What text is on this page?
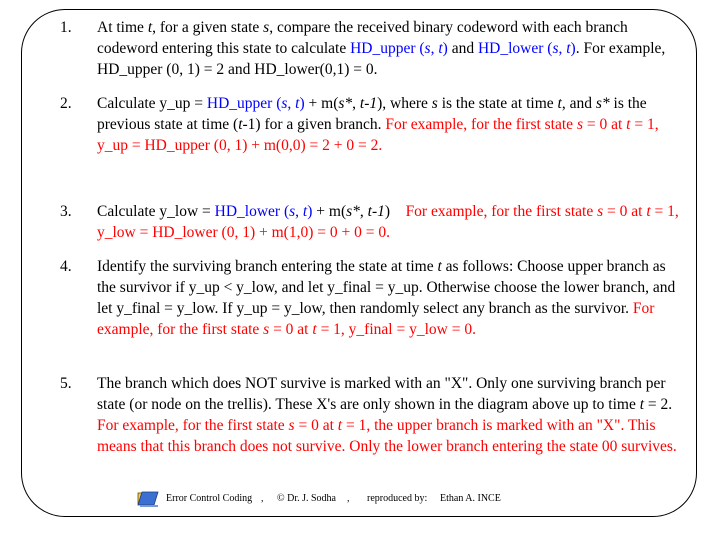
1. At time t, for a given state s, compare the received binary codeword with each branch codeword entering this state to calculate HD_upper (s, t) and HD_lower (s, t). For example, HD_upper (0, 1) = 2 and HD_lower(0,1) = 0.
2. Calculate y_up = HD_upper (s, t) + m(s*, t-1), where s is the state at time t, and s* is the previous state at time (t-1) for a given branch. For example, for the first state s = 0 at t = 1, y_up = HD_upper (0, 1) + m(0,0) = 2 + 0 = 2.
3. Calculate y_low = HD_lower (s, t) + m(s*, t-1) For example, for the first state s = 0 at t = 1, y_low = HD_lower (0, 1) + m(1,0) = 0 + 0 = 0.
4. Identify the surviving branch entering the state at time t as follows: Choose upper branch as the survivor if y_up < y_low, and let y_final = y_up. Otherwise choose the lower branch, and let y_final = y_low. If y_up = y_low, then randomly select any branch as the survivor. For example, for the first state s = 0 at t = 1, y_final = y_low = 0.
5. The branch which does NOT survive is marked with an "X". Only one surviving branch per state (or node on the trellis). These X's are only shown in the diagram above up to time t = 2. For example, for the first state s = 0 at t = 1, the upper branch is marked with an "X". This means that this branch does not survive. Only the lower branch entering the state 00 survives.
Error Control Coding , © Dr. J. Sodha , reproduced by: Ethan A. INCE
